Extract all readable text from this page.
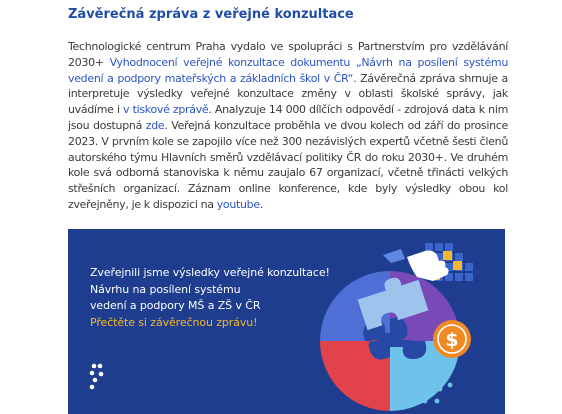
Závěrečná zpráva z veřejné konzultace
Technologické centrum Praha vydalo ve spolupráci s Partnerstvím pro vzdělávání 2030+ Vyhodnocení veřejné konzultace dokumentu „Návrh na posílení systému vedení a podpory mateřských a základních škol v ČR“. Závěrečná zpráva shrnuje a interpretuje výsledky veřejné konzultace změny v oblasti školské správy, jak uvádíme i v tiskové zprávě. Analyzuje 14 000 dílčích odpovědí - zdrojová data k nim jsou dostupná zde. Veřejná konzultace proběhla ve dvou kolech od září do prosince 2023. V prvním kole se zapojilo více než 300 nezávislých expertů včetně šesti členů autorského týmu Hlavních směrů vzdělávací politiky ČR do roku 2030+. Ve druhém kole svá odborná stanoviska k němu zaujalo 67 organizací, včetně třinácti velkých střešních organizací. Záznam online konference, kde byly výsledky obou kol zveřejněny, je k dispozici na youtube.
Zveřejnili jsme výsledky veřejné konzultace!
Návrhu na posílení systému
vedení a podpory MŠ a ZŠ v ČR
Přečtěte si závěrečnou zprávu!
$
